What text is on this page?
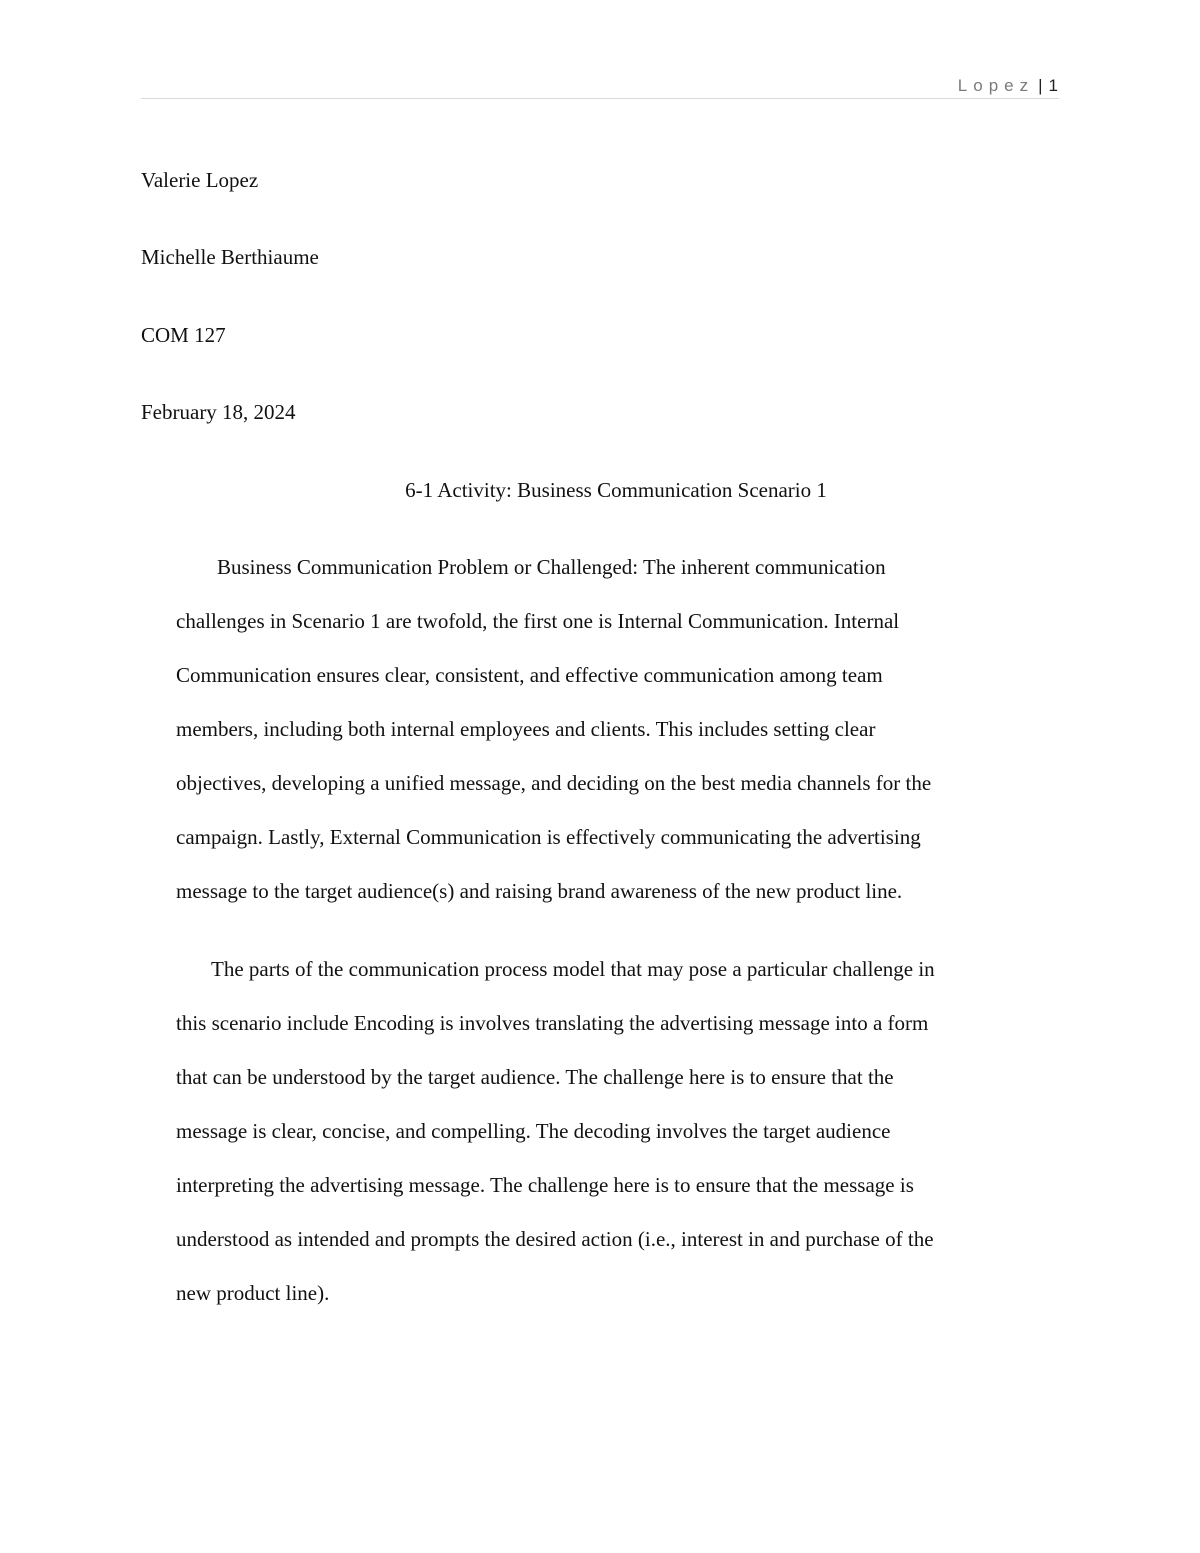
Lopez | 1
Valerie Lopez
Michelle Berthiaume
COM 127
February 18, 2024
6-1 Activity: Business Communication Scenario 1
Business Communication Problem or Challenged: The inherent communication
challenges in Scenario 1 are twofold, the first one is Internal Communication. Internal
Communication ensures clear, consistent, and effective communication among team
members, including both internal employees and clients. This includes setting clear
objectives, developing a unified message, and deciding on the best media channels for the
campaign. Lastly, External Communication is effectively communicating the advertising
message to the target audience(s) and raising brand awareness of the new product line.
The parts of the communication process model that may pose a particular challenge in
this scenario include Encoding is involves translating the advertising message into a form
that can be understood by the target audience. The challenge here is to ensure that the
message is clear, concise, and compelling. The decoding involves the target audience
interpreting the advertising message. The challenge here is to ensure that the message is
understood as intended and prompts the desired action (i.e., interest in and purchase of the
new product line).
